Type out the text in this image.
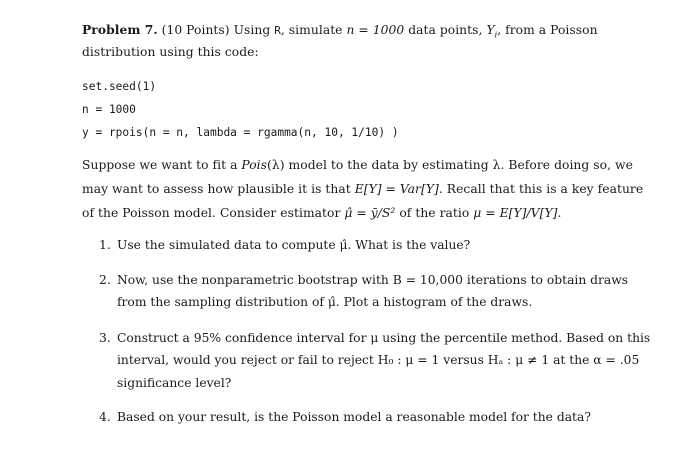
Problem 7. (10 Points) Using R, simulate n = 1000 data points, $Y_i$, from a Poisson
distribution using this code:
set.seed(1)
n = 1000
y = rpois(n = n, lambda = rgamma(n, 10, 1/10) )
Suppose we want to fit a Pois(λ) model to the data by estimating λ. Before doing so, we
may want to assess how plausible it is that E[Y] = Var[Y]. Recall that this is a key feature
of the Poisson model. Consider estimator μ̂ = ȳ/S² of the ratio μ = E[Y]/V[Y].
1. Use the simulated data to compute μ̂. What is the value?
2. Now, use the nonparametric bootstrap with B = 10,000 iterations to obtain draws
from the sampling distribution of μ̂. Plot a histogram of the draws.
3. Construct a 95% confidence interval for μ using the percentile method. Based on this
interval, would you reject or fail to reject H₀ : μ = 1 versus Hₐ : μ ≠ 1 at the α = .05
significance level?
4. Based on your result, is the Poisson model a reasonable model for the data?
